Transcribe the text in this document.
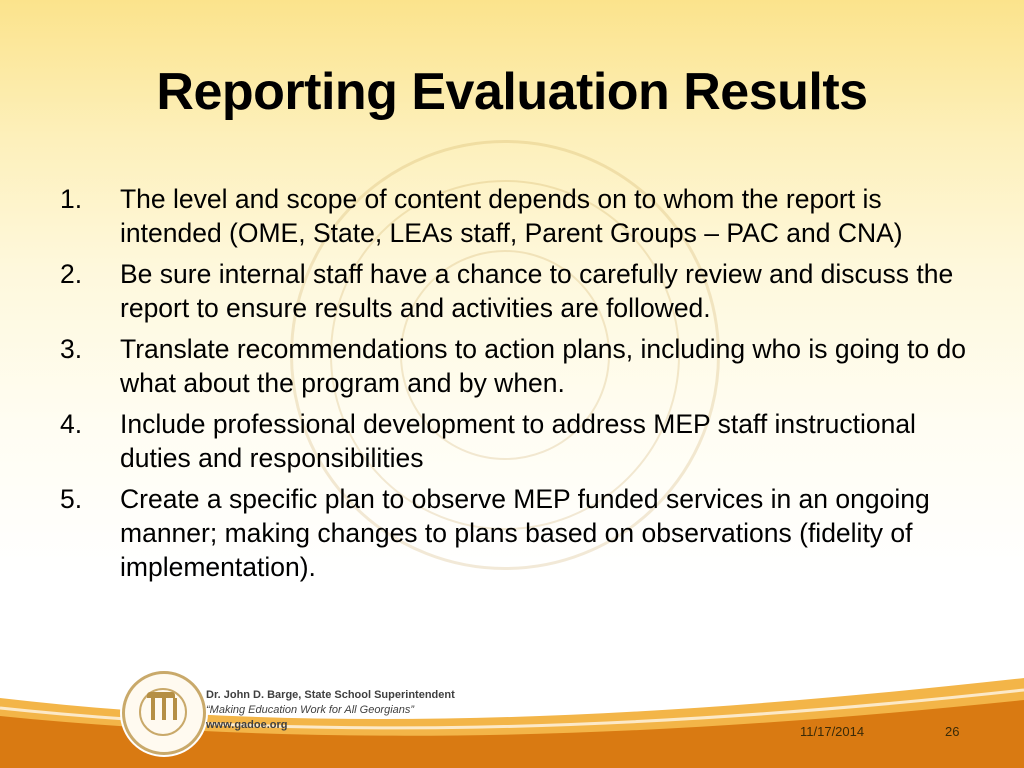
Reporting Evaluation Results
1. The level and scope of content depends on to whom the report is intended (OME, State, LEAs staff, Parent Groups – PAC and CNA)
2. Be sure internal staff have a chance to carefully review and discuss the report to ensure results and activities are followed.
3. Translate recommendations to action plans, including who is going to do what about the program and by when.
4. Include professional development to address MEP staff instructional duties and responsibilities
5. Create a specific plan to observe MEP funded services in an ongoing manner; making changes to plans based on observations (fidelity of implementation).
Dr. John D. Barge, State School Superintendent
“Making Education Work for All Georgians”
www.gadoe.org	11/17/2014	26
